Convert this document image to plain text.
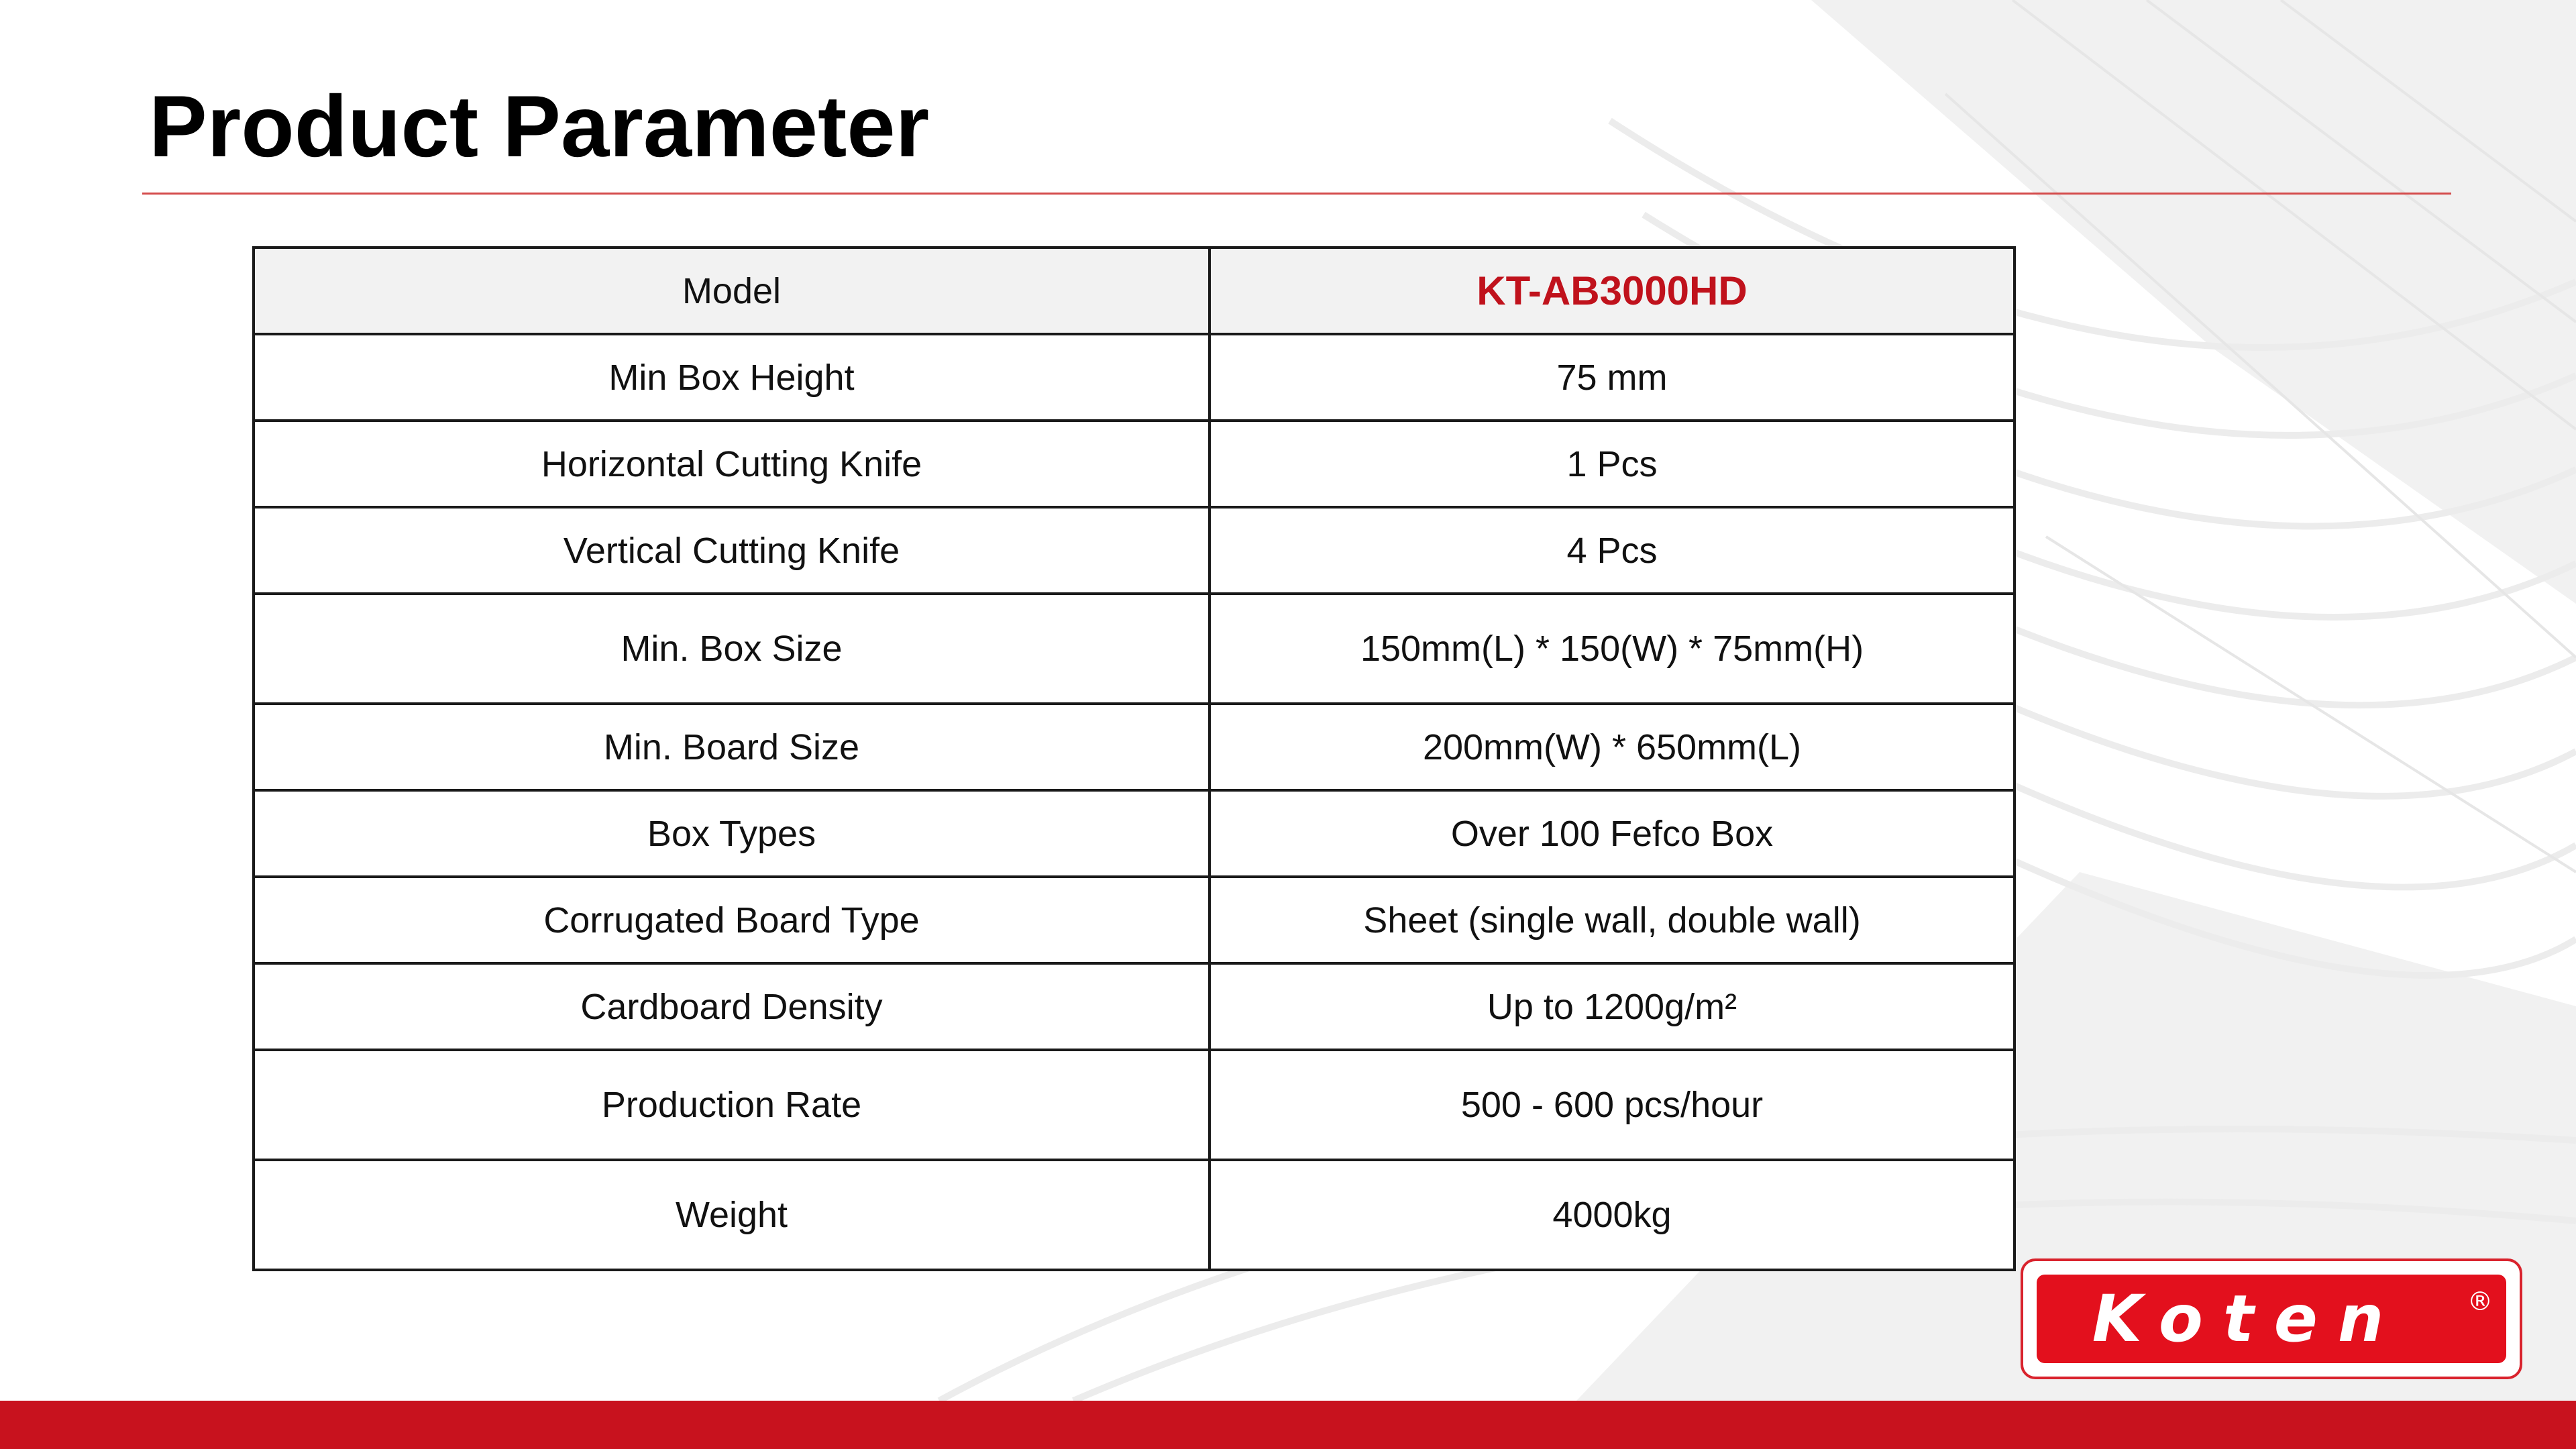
Product Parameter
Model	KT-AB3000HD
Min Box Height	75 mm
Horizontal Cutting Knife	1 Pcs
Vertical Cutting Knife	4 Pcs
Min. Box Size	150mm(L) * 150(W) * 75mm(H)
Min. Board Size	200mm(W) * 650mm(L)
Box Types	Over 100 Fefco Box
Corrugated Board Type	Sheet (single wall, double wall)
Cardboard Density	Up to 1200g/m²
Production Rate	500 - 600 pcs/hour
Weight	4000kg
Koten	®
